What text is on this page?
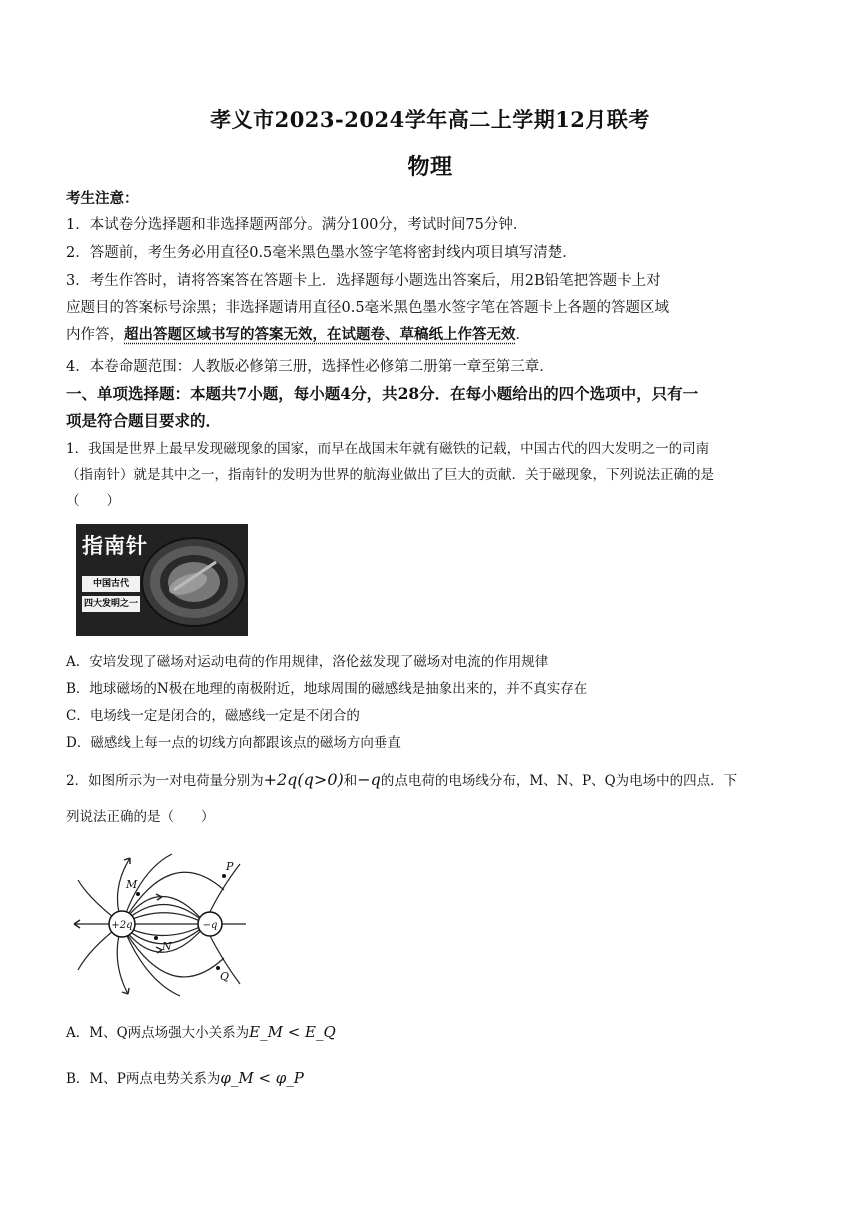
孝义市2023-2024学年高二上学期12月联考
物理
考生注意：
1．本试卷分选择题和非选择题两部分。满分100分，考试时间75分钟．
2．答题前，考生务必用直径0.5毫米黑色墨水签字笔将密封线内项目填写清楚．
3．考生作答时，请将答案答在答题卡上．选择题每小题选出答案后，用2B铅笔把答题卡上对
应题目的答案标号涂黑；非选择题请用直径0.5毫米黑色墨水签字笔在答题卡上各题的答题区域
内作答，超出答题区域书写的答案无效，在试题卷、草稿纸上作答无效．
4．本卷命题范围：人教版必修第三册，选择性必修第二册第一章至第三章．
一、单项选择题：本题共7小题，每小题4分，共28分．在每小题给出的四个选项中，只有一
项是符合题目要求的．
1．我国是世界上最早发现磁现象的国家，而早在战国末年就有磁铁的记载，中国古代的四大发明之一的司南
（指南针）就是其中之一，指南针的发明为世界的航海业做出了巨大的贡献．关于磁现象，下列说法正确的是
（　　）
指南针
中国古代
四大发明之一
A．安培发现了磁场对运动电荷的作用规律，洛伦兹发现了磁场对电流的作用规律
B．地球磁场的N极在地理的南极附近，地球周围的磁感线是抽象出来的，并不真实存在
C．电场线一定是闭合的，磁感线一定是不闭合的
D．磁感线上每一点的切线方向都跟该点的磁场方向垂直
2．如图所示为一对电荷量分别为+2q(q>0)和−q的点电荷的电场线分布，M、N、P、Q为电场中的四点．下
列说法正确的是（　　）
+2q	−q
M
N
P
Q
A．M、Q两点场强大小关系为E_M < E_Q
B．M、P两点电势关系为φ_M < φ_P
